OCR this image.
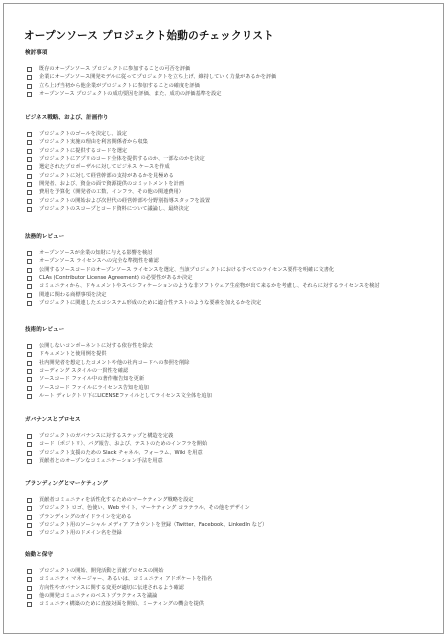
オープンソース プロジェクト始動のチェックリスト
検討事項
既存のオープンソース プロジェクトに参加することの可否を評価
企業にオープンソース開発モデルに従ってプロジェクトを立ち上げ、維持していく力量があるかを評価
立ち上げ当初から他企業がプロジェクトに参加することの確度を評価
オープンソース プロジェクトの成功要因を評価、また、成功の評価基準を設定
ビジネス戦略、および、計画作り
プロジェクトのゴールを決定し、設定
プロジェクト実施の理由を利害関係者から収集
プロジェクトに提供するコードを選定
プロジェクトにアプリのコード全体を提供するのか、一部なのかを決定
選定されたプロポーザルに対してビジネス ケースを作成
プロジェクトに対して経営幹部の支持があるかを見極める
開発者、および、資金の面で資源提供のコミットメントを計画
費用を予算化（開発者の工数、インフラ、その他の関連費用）
プロジェクトの開始および次世代の経営幹部や分野別指導スタッフを設置
プロジェクトのスコープとコード資料について議論し、最終決定
法務的レビュー
オープンソースが企業の知財に与える影響を検討
オープンソース ライセンスへの完全な準拠性を確認
公開するソースコードのオープンソース ライセンスを選定、当該プロジェクトにおけるすべてのライセンス要件を明確に文書化
CLAs (Contributor License Agreement) の必要性があるか決定
コミュニティから、ドキュメントやスペシフィケーションのような非ソフトウェア生産物が出て来るかを考慮し、それらに対するライセンスを検討
関連に関わる商標事項を決定
プロジェクトに関連したエコシステム形成のために適合性テストのような要素を加えるかを決定
技術的レビュー
公開しないコンポーネントに対する依存性を除去
ドキュメントと使用例を提供
社内開発者を想定したコメントや他の社内コードへの参照を削除
コーディング スタイルの一貫性を確認
ソースコード ファイル中の著作権告知を更新
ソースコード ファイルにライセンス告知を追加
ルート ディレクトリ下にLICENSEファイルとしてライセンス文全体を追加
ガバナンスとプロセス
プロジェクトのガバナンスに対するステップと構造を定義
コード（ポジトリ）、バグ報告、および、テストのためのインフラを開始
プロジェクト支援のための Slack チャネル、フォーラム、Wiki を用意
貢献者とのオープンなコミュニケーション手法を用意
ブランディングとマーケティング
貢献者コミュニティを活性化するためのマーケティング戦略を設定
プロジェクト ロゴ、色使い、Web サイト、マーケティング コラテラル、その他をデザイン
ブランディングのガイドラインを定める
プロジェクト用のソーシャル メディア アカウントを登録（Twitter、Facebook、LinkedIn など）
プロジェクト用のドメイン名を登録
始動と保守
プロジェクトの開始、開発活動と貢献プロセスの開始
コミュニティ マネージャー、あるいは、コミュニティ アドボケートを指名
方向性やガバナンスに関する変更が適切に伝達されるよう確認
他の開発コミュニティのベストプラクティスを議論
コミュニティ構築のために直接対面を開始、ミーティングの機会を提供
